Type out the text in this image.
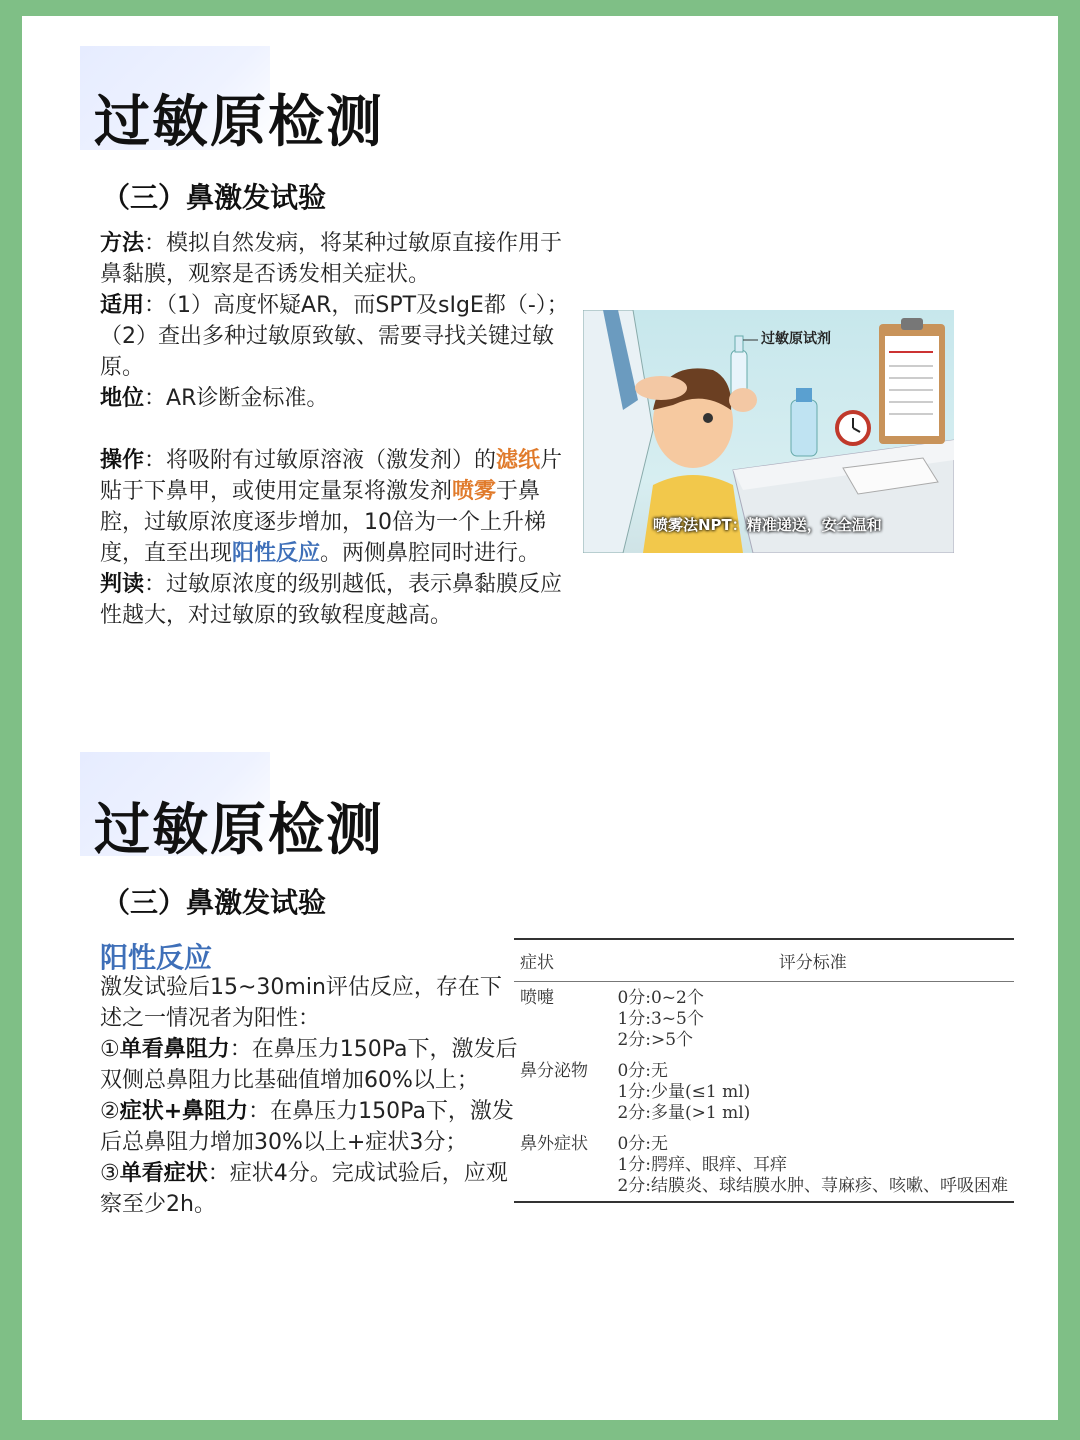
过敏原检测
（三）鼻激发试验

方法：模拟自然发病，将某种过敏原直接作用于鼻黏膜，观察是否诱发相关症状。

适用：（1）高度怀疑AR，而SPT及sIgE都（-）；（2）查出多种过敏原致敏、需要寻找关键过敏原。

地位：AR诊断金标准。

操作：将吸附有过敏原溶液（激发剂）的滤纸片贴于下鼻甲，或使用定量泵将激发剂喷雾于鼻腔，过敏原浓度逐步增加，10倍为一个上升梯度，直至出现阳性反应。两侧鼻腔同时进行。

判读：过敏原浓度的级别越低，表示鼻黏膜反应性越大，对过敏原的致敏程度越高。

过敏原试剂
喷雾法NPT：精准递送，安全温和
过敏原检测
（三）鼻激发试验
阳性反应

激发试验后15~30min评估反应，存在下述之一情况者为阳性：

①单看鼻阻力：在鼻压力150Pa下，激发后双侧总鼻阻力比基础值增加60%以上；

②症状+鼻阻力：在鼻压力150Pa下，激发后总鼻阻力增加30%以上+症状3分；

③单看症状：症状4分。完成试验后，应观察至少2h。

症状	评分标准
喷嚏	0分:0~2个
1分:3~5个
2分:>5个

鼻分泌物	0分:无
1分:少量(≤1 ml)
2分:多量(>1 ml)

鼻外症状	0分:无
1分:腭痒、眼痒、耳痒
2分:结膜炎、球结膜水肿、荨麻疹、咳嗽、呼吸困难
